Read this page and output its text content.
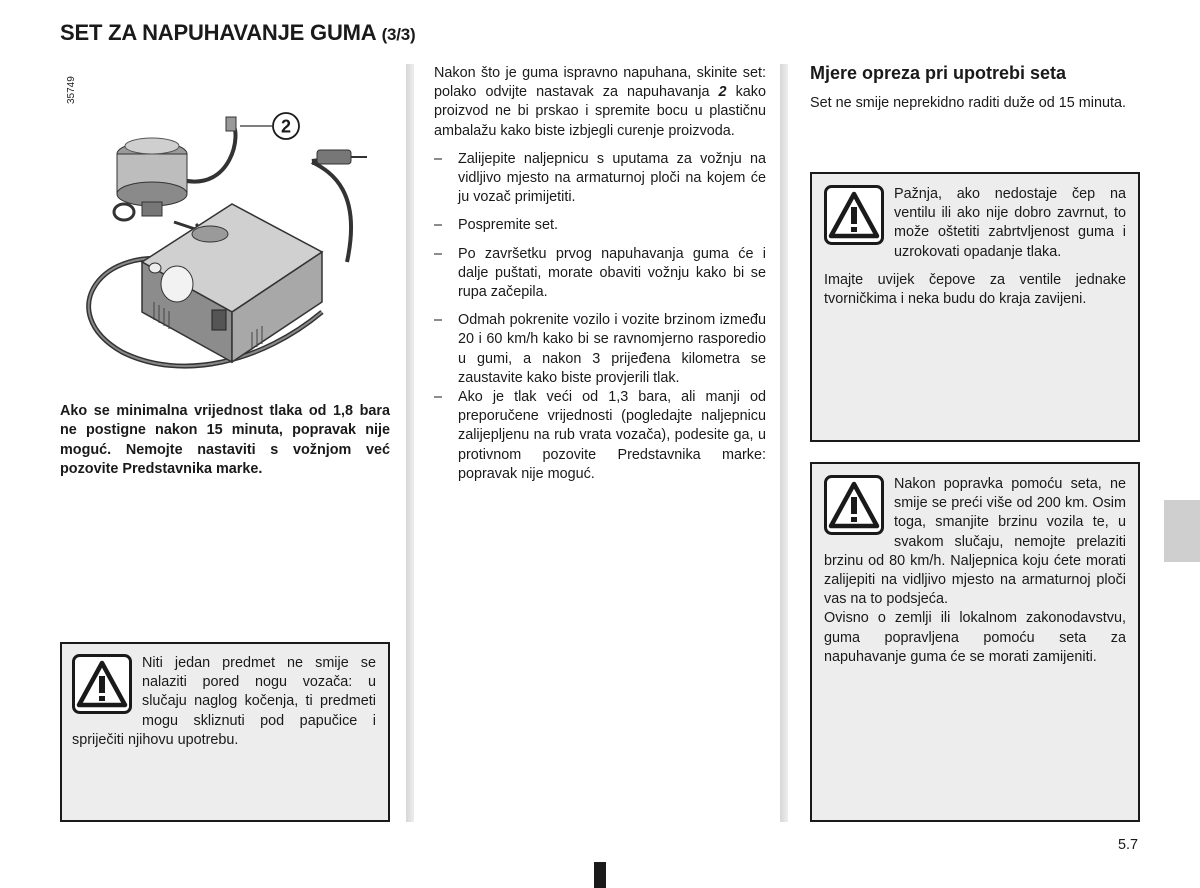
SET ZA NAPUHAVANJE GUMA (3/3)
35749
2
Ako se minimalna vrijednost tlaka od 1,8 bara ne postigne nakon 15 minuta, popravak nije moguć. Nemojte nastaviti s vožnjom već pozovite Predstavnika marke.
Niti jedan predmet ne smije se nalaziti pored nogu vozača: u slučaju naglog kočenja, ti predmeti mogu skliznuti pod papučice i spriječiti njihovu upotrebu.

Nakon što je guma ispravno napuhana, skinite set: polako odvijte nastavak za napuhavanja 2 kako proizvod ne bi prskao i spremite bocu u plastičnu ambalažu kako biste izbjegli curenje proizvoda.

– Zalijepite naljepnicu s uputama za vožnju na vidljivo mjesto na armaturnoj ploči na kojem će ju vozač primijetiti.
– Pospremite set.
– Po završetku prvog napuhavanja guma će i dalje puštati, morate obaviti vožnju kako bi se rupa začepila.
– Odmah pokrenite vozilo i vozite brzinom između 20 i 60 km/h kako bi se ravnomjerno rasporedio u gumi, a nakon 3 prijeđena kilometra se zaustavite kako biste provjerili tlak.
– Ako je tlak veći od 1,3 bara, ali manji od preporučene vrijednosti (pogledajte naljepnicu zalijepljenu na rub vrata vozača), podesite ga, u protivnom pozovite Predstavnika marke: popravak nije moguć.
Mjere opreza pri upotrebi seta
Set ne smije neprekidno raditi duže od 15 minuta.
Pažnja, ako nedostaje čep na ventilu ili ako nije dobro zavrnut, to može oštetiti zabrtvljenost guma i uzrokovati opadanje tlaka.
Imajte uvijek čepove za ventile jednake tvorničkima i neka budu do kraja zavijeni.
Nakon popravka pomoću seta, ne smije se preći više od 200 km. Osim toga, smanjite brzinu vozila te, u svakom slučaju, nemojte prelaziti brzinu od 80 km/h. Naljepnica koju ćete morati zalijepiti na vidljivo mjesto na armaturnoj ploči vas na to podsjeća.
Ovisno o zemlji ili lokalnom zakonodavstvu, guma popravljena pomoću seta za napuhavanje guma će se morati zamijeniti.
5.7
